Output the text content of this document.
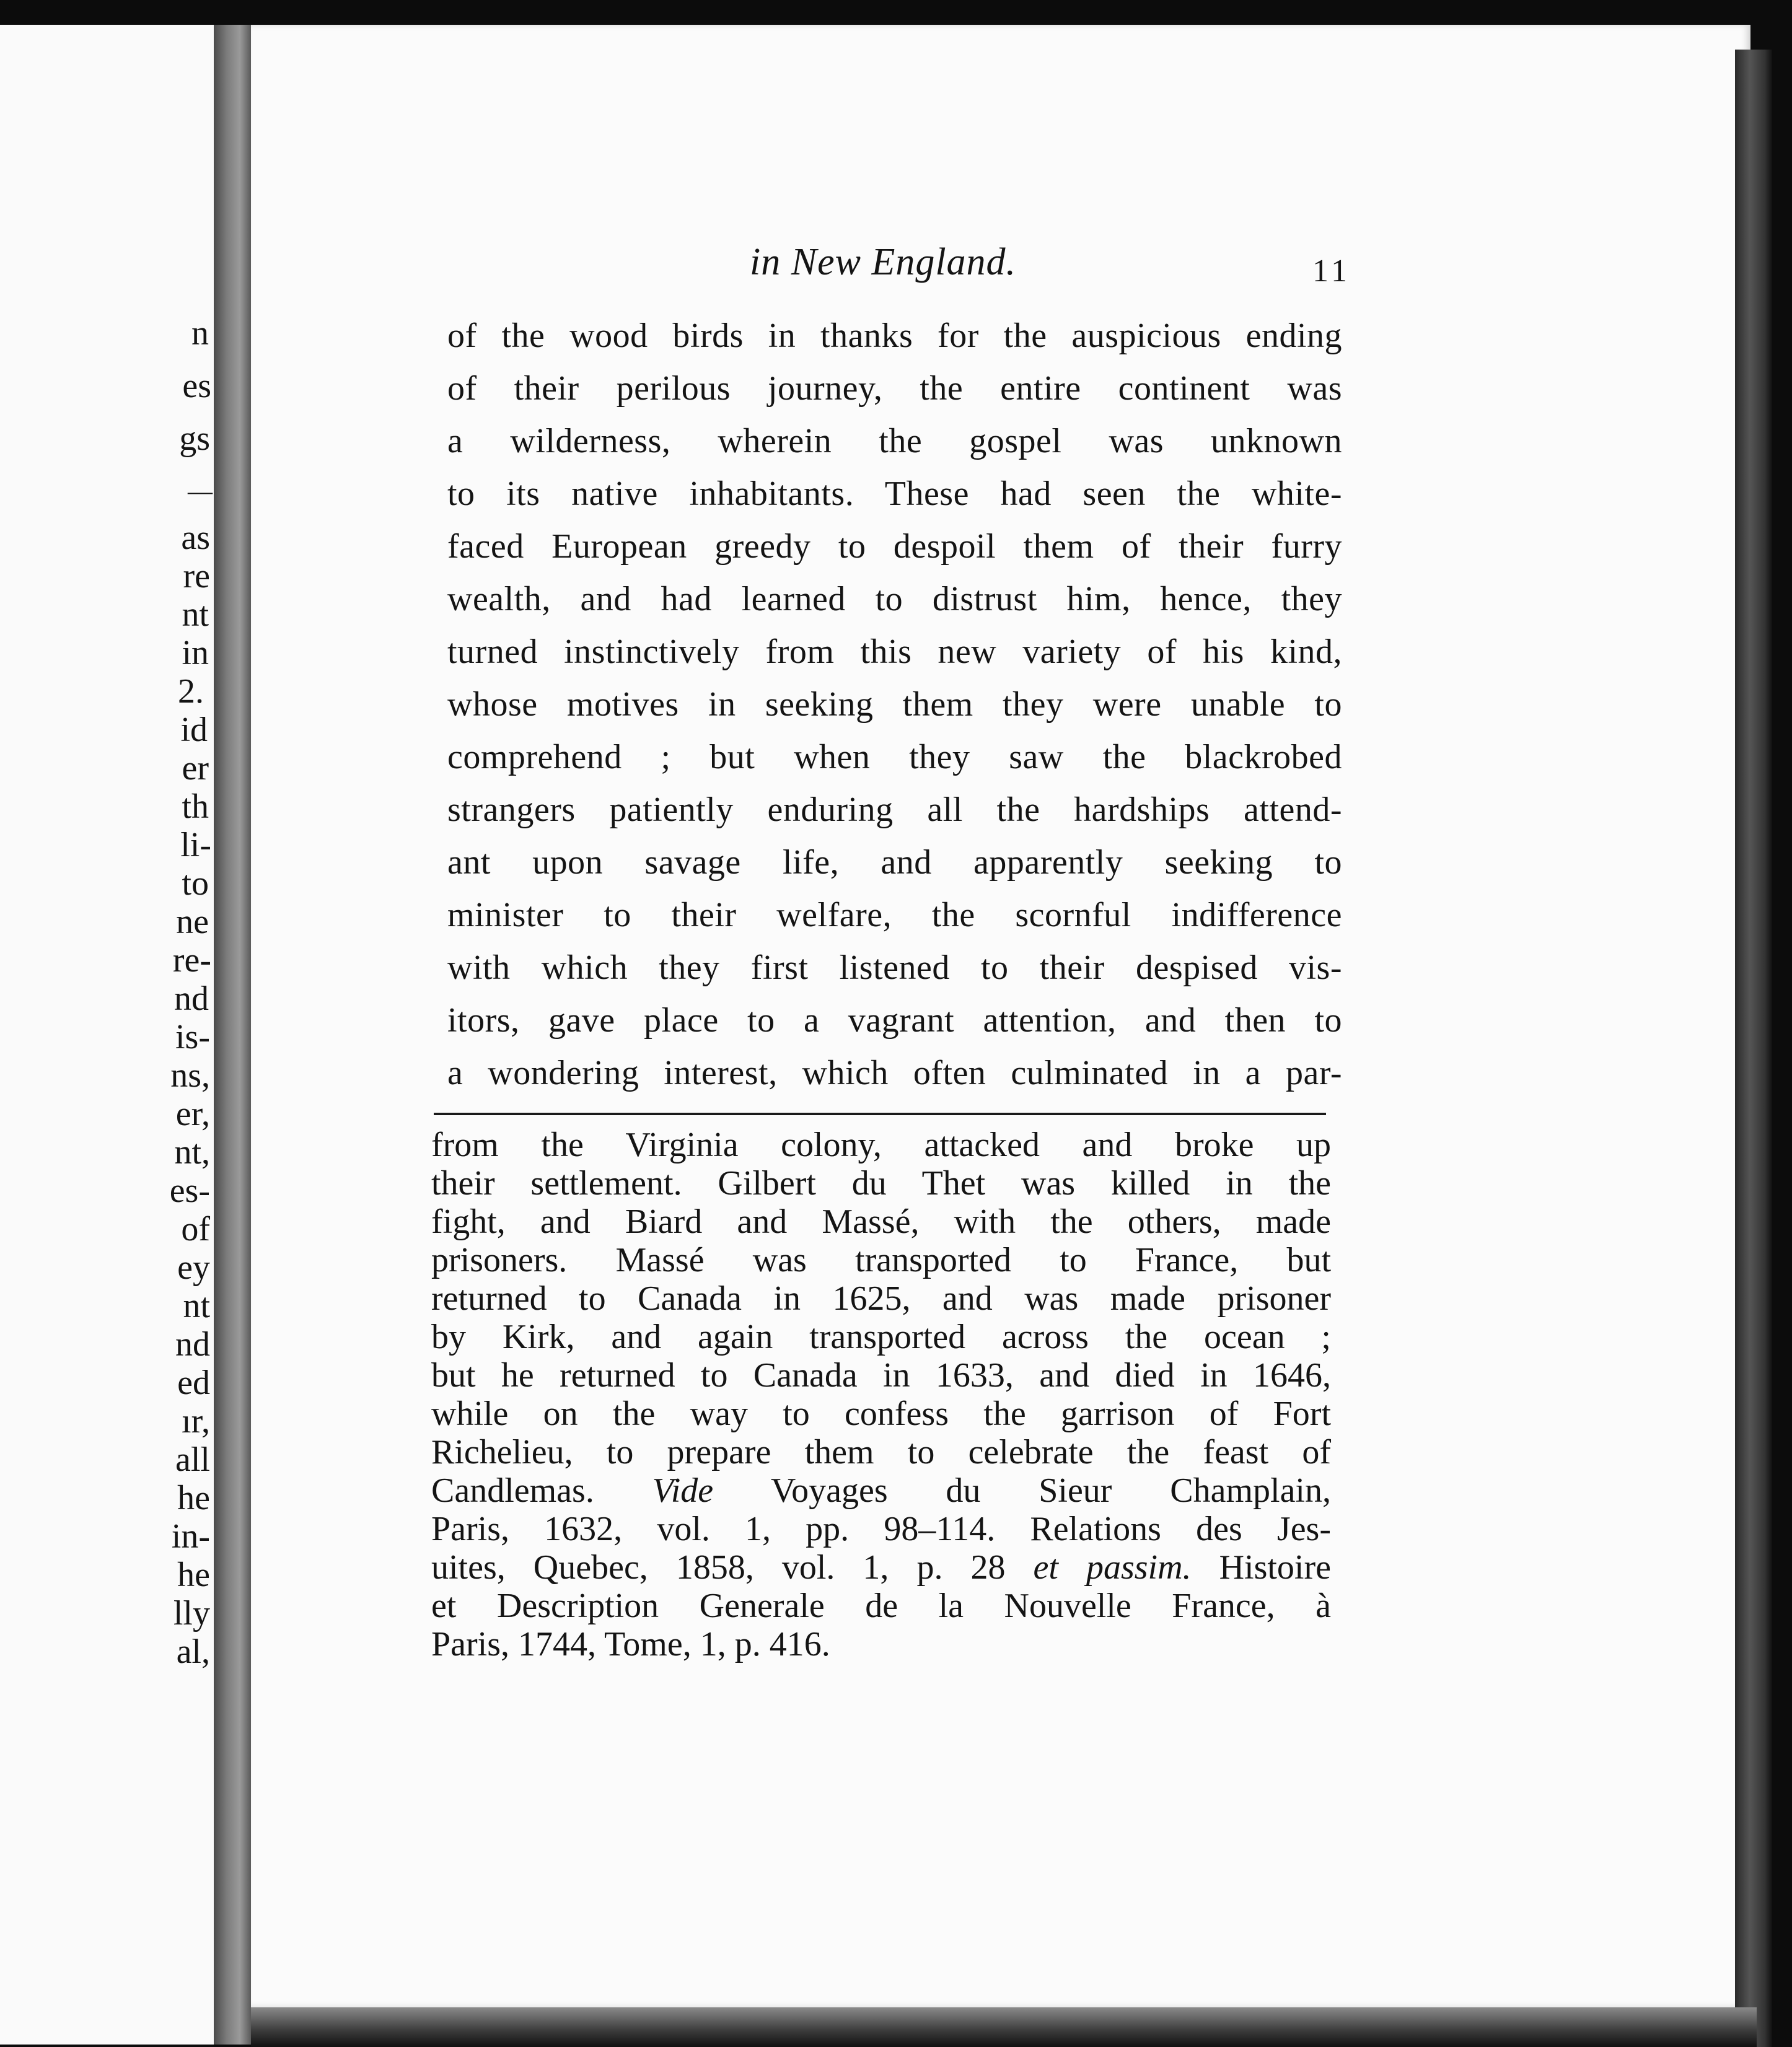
n
es
gs
—
as
re
nt
in
2.
id
er
th
li-
to
ne
re-
nd
is-
ns,
er,
nt,
es-
of
ey
nt
nd
ed
ır,
all
he
in-
he
lly
al,
in New England.	11
of the wood birds in thanks for the auspicious ending
of their perilous journey, the entire continent was
a wilderness, wherein the gospel was unknown
to its native inhabitants. These had seen the white-
faced European greedy to despoil them of their furry
wealth, and had learned to distrust him, hence, they
turned instinctively from this new variety of his kind,
whose motives in seeking them they were unable to
comprehend ; but when they saw the blackrobed
strangers patiently enduring all the hardships attend-
ant upon savage life, and apparently seeking to
minister to their welfare, the scornful indifference
with which they first listened to their despised vis-
itors, gave place to a vagrant attention, and then to
a wondering interest, which often culminated in a par-
from the Virginia colony, attacked and broke up
their settlement. Gilbert du Thet was killed in the
fight, and Biard and Massé, with the others, made
prisoners. Massé was transported to France, but
returned to Canada in 1625, and was made prisoner
by Kirk, and again transported across the ocean ;
but he returned to Canada in 1633, and died in 1646,
while on the way to confess the garrison of Fort
Richelieu, to prepare them to celebrate the feast of
Candlemas. Vide Voyages du Sieur Champlain,
Paris, 1632, vol. 1, pp. 98–114. Relations des Jes-
uites, Quebec, 1858, vol. 1, p. 28 et passim. Histoire
et Description Generale de la Nouvelle France, à
Paris, 1744, Tome, 1, p. 416.
